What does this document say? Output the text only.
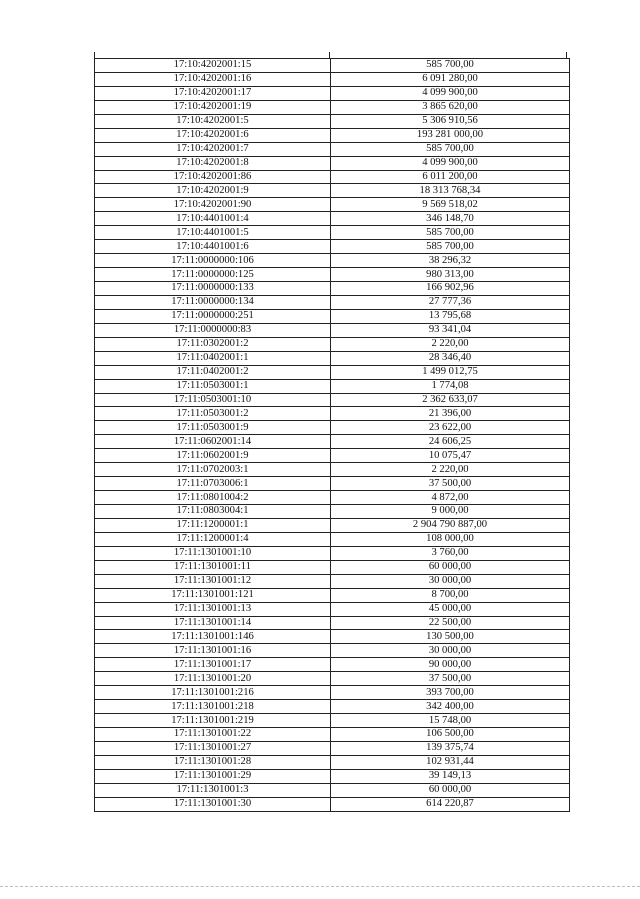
17:10:4202001:15	585 700,00
17:10:4202001:16	6 091 280,00
17:10:4202001:17	4 099 900,00
17:10:4202001:19	3 865 620,00
17:10:4202001:5	5 306 910,56
17:10:4202001:6	193 281 000,00
17:10:4202001:7	585 700,00
17:10:4202001:8	4 099 900,00
17:10:4202001:86	6 011 200,00
17:10:4202001:9	18 313 768,34
17:10:4202001:90	9 569 518,02
17:10:4401001:4	346 148,70
17:10:4401001:5	585 700,00
17:10:4401001:6	585 700,00
17:11:0000000:106	38 296,32
17:11:0000000:125	980 313,00
17:11:0000000:133	166 902,96
17:11:0000000:134	27 777,36
17:11:0000000:251	13 795,68
17:11:0000000:83	93 341,04
17:11:0302001:2	2 220,00
17:11:0402001:1	28 346,40
17:11:0402001:2	1 499 012,75
17:11:0503001:1	1 774,08
17:11:0503001:10	2 362 633,07
17:11:0503001:2	21 396,00
17:11:0503001:9	23 622,00
17:11:0602001:14	24 606,25
17:11:0602001:9	10 075,47
17:11:0702003:1	2 220,00
17:11:0703006:1	37 500,00
17:11:0801004:2	4 872,00
17:11:0803004:1	9 000,00
17:11:1200001:1	2 904 790 887,00
17:11:1200001:4	108 000,00
17:11:1301001:10	3 760,00
17:11:1301001:11	60 000,00
17:11:1301001:12	30 000,00
17:11:1301001:121	8 700,00
17:11:1301001:13	45 000,00
17:11:1301001:14	22 500,00
17:11:1301001:146	130 500,00
17:11:1301001:16	30 000,00
17:11:1301001:17	90 000,00
17:11:1301001:20	37 500,00
17:11:1301001:216	393 700,00
17:11:1301001:218	342 400,00
17:11:1301001:219	15 748,00
17:11:1301001:22	106 500,00
17:11:1301001:27	139 375,74
17:11:1301001:28	102 931,44
17:11:1301001:29	39 149,13
17:11:1301001:3	60 000,00
17:11:1301001:30	614 220,87
